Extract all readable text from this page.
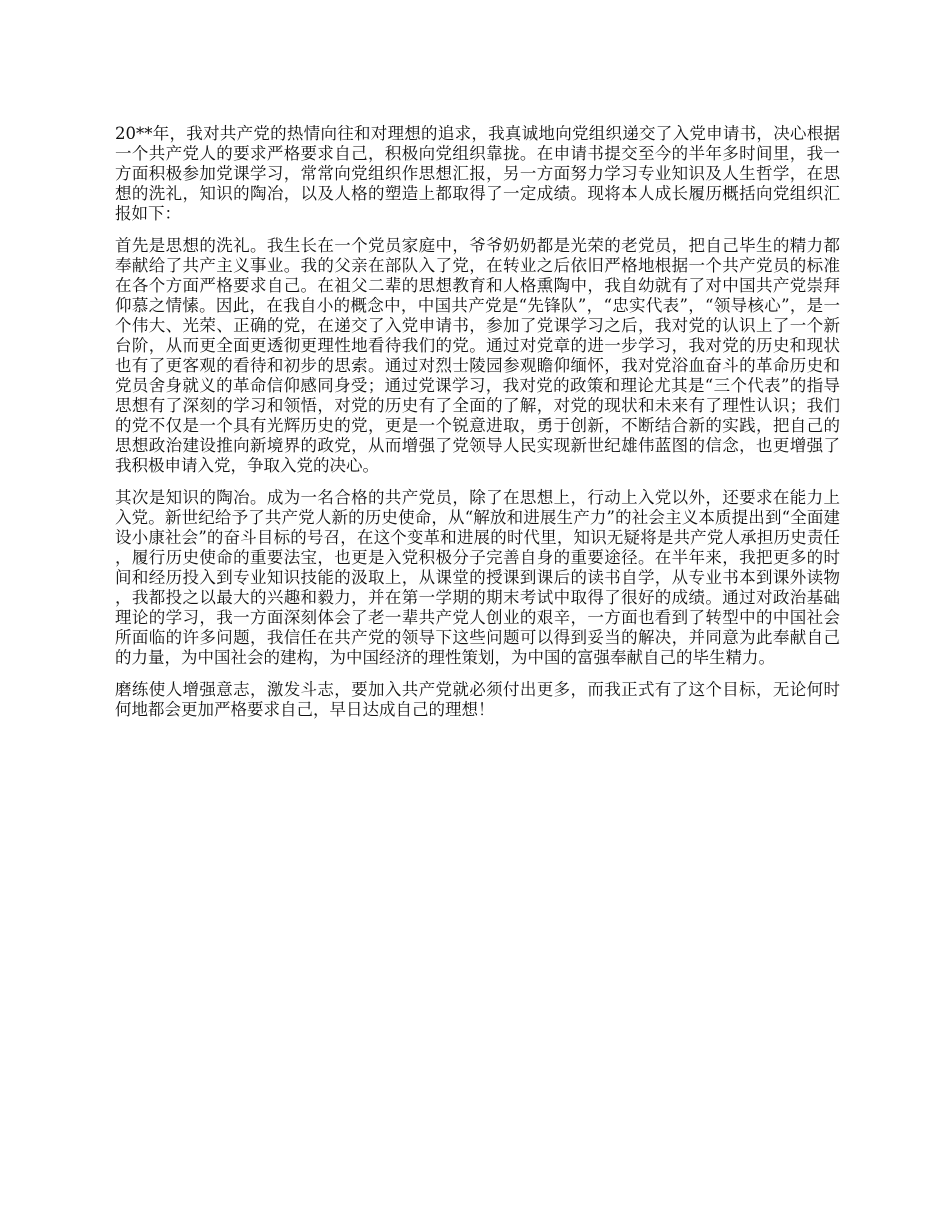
20**年，我对共产党的热情向往和对理想的追求，我真诚地向党组织递交了入党申请书，决心根据一个共产党人的要求严格要求自己，积极向党组织靠拢。在申请书提交至今的半年多时间里，我一方面积极参加党课学习，常常向党组织作思想汇报，另一方面努力学习专业知识及人生哲学，在思想的洗礼，知识的陶冶，以及人格的塑造上都取得了一定成绩。现将本人成长履历概括向党组织汇报如下：

首先是思想的洗礼。我生长在一个党员家庭中，爷爷奶奶都是光荣的老党员，把自己毕生的精力都奉献给了共产主义事业。我的父亲在部队入了党，在转业之后依旧严格地根据一个共产党员的标准在各个方面严格要求自己。在祖父二辈的思想教育和人格熏陶中，我自幼就有了对中国共产党崇拜仰慕之情愫。因此，在我自小的概念中，中国共产党是“先锋队”，“忠实代表”，“领导核心”，是一个伟大、光荣、正确的党，在递交了入党申请书，参加了党课学习之后，我对党的认识上了一个新台阶，从而更全面更透彻更理性地看待我们的党。通过对党章的进一步学习，我对党的历史和现状也有了更客观的看待和初步的思索。通过对烈士陵园参观瞻仰缅怀，我对党浴血奋斗的革命历史和党员舍身就义的革命信仰感同身受；通过党课学习，我对党的政策和理论尤其是“三个代表”的指导思想有了深刻的学习和领悟，对党的历史有了全面的了解，对党的现状和未来有了理性认识；我们的党不仅是一个具有光辉历史的党，更是一个锐意进取，勇于创新，不断结合新的实践，把自己的思想政治建设推向新境界的政党，从而增强了党领导人民实现新世纪雄伟蓝图的信念，也更增强了我积极申请入党，争取入党的决心。

其次是知识的陶冶。成为一名合格的共产党员，除了在思想上，行动上入党以外，还要求在能力上入党。新世纪给予了共产党人新的历史使命，从“解放和进展生产力”的社会主义本质提出到“全面建设小康社会”的奋斗目标的号召，在这个变革和进展的时代里，知识无疑将是共产党人承担历史责任，履行历史使命的重要法宝，也更是入党积极分子完善自身的重要途径。在半年来，我把更多的时间和经历投入到专业知识技能的汲取上，从课堂的授课到课后的读书自学，从专业书本到课外读物，我都投之以最大的兴趣和毅力，并在第一学期的期末考试中取得了很好的成绩。通过对政治基础理论的学习，我一方面深刻体会了老一辈共产党人创业的艰辛，一方面也看到了转型中的中国社会所面临的许多问题，我信任在共产党的领导下这些问题可以得到妥当的解决，并同意为此奉献自己的力量，为中国社会的建构，为中国经济的理性策划，为中国的富强奉献自己的毕生精力。

磨练使人增强意志，激发斗志，要加入共产党就必须付出更多，而我正式有了这个目标，无论何时何地都会更加严格要求自己，早日达成自己的理想！
